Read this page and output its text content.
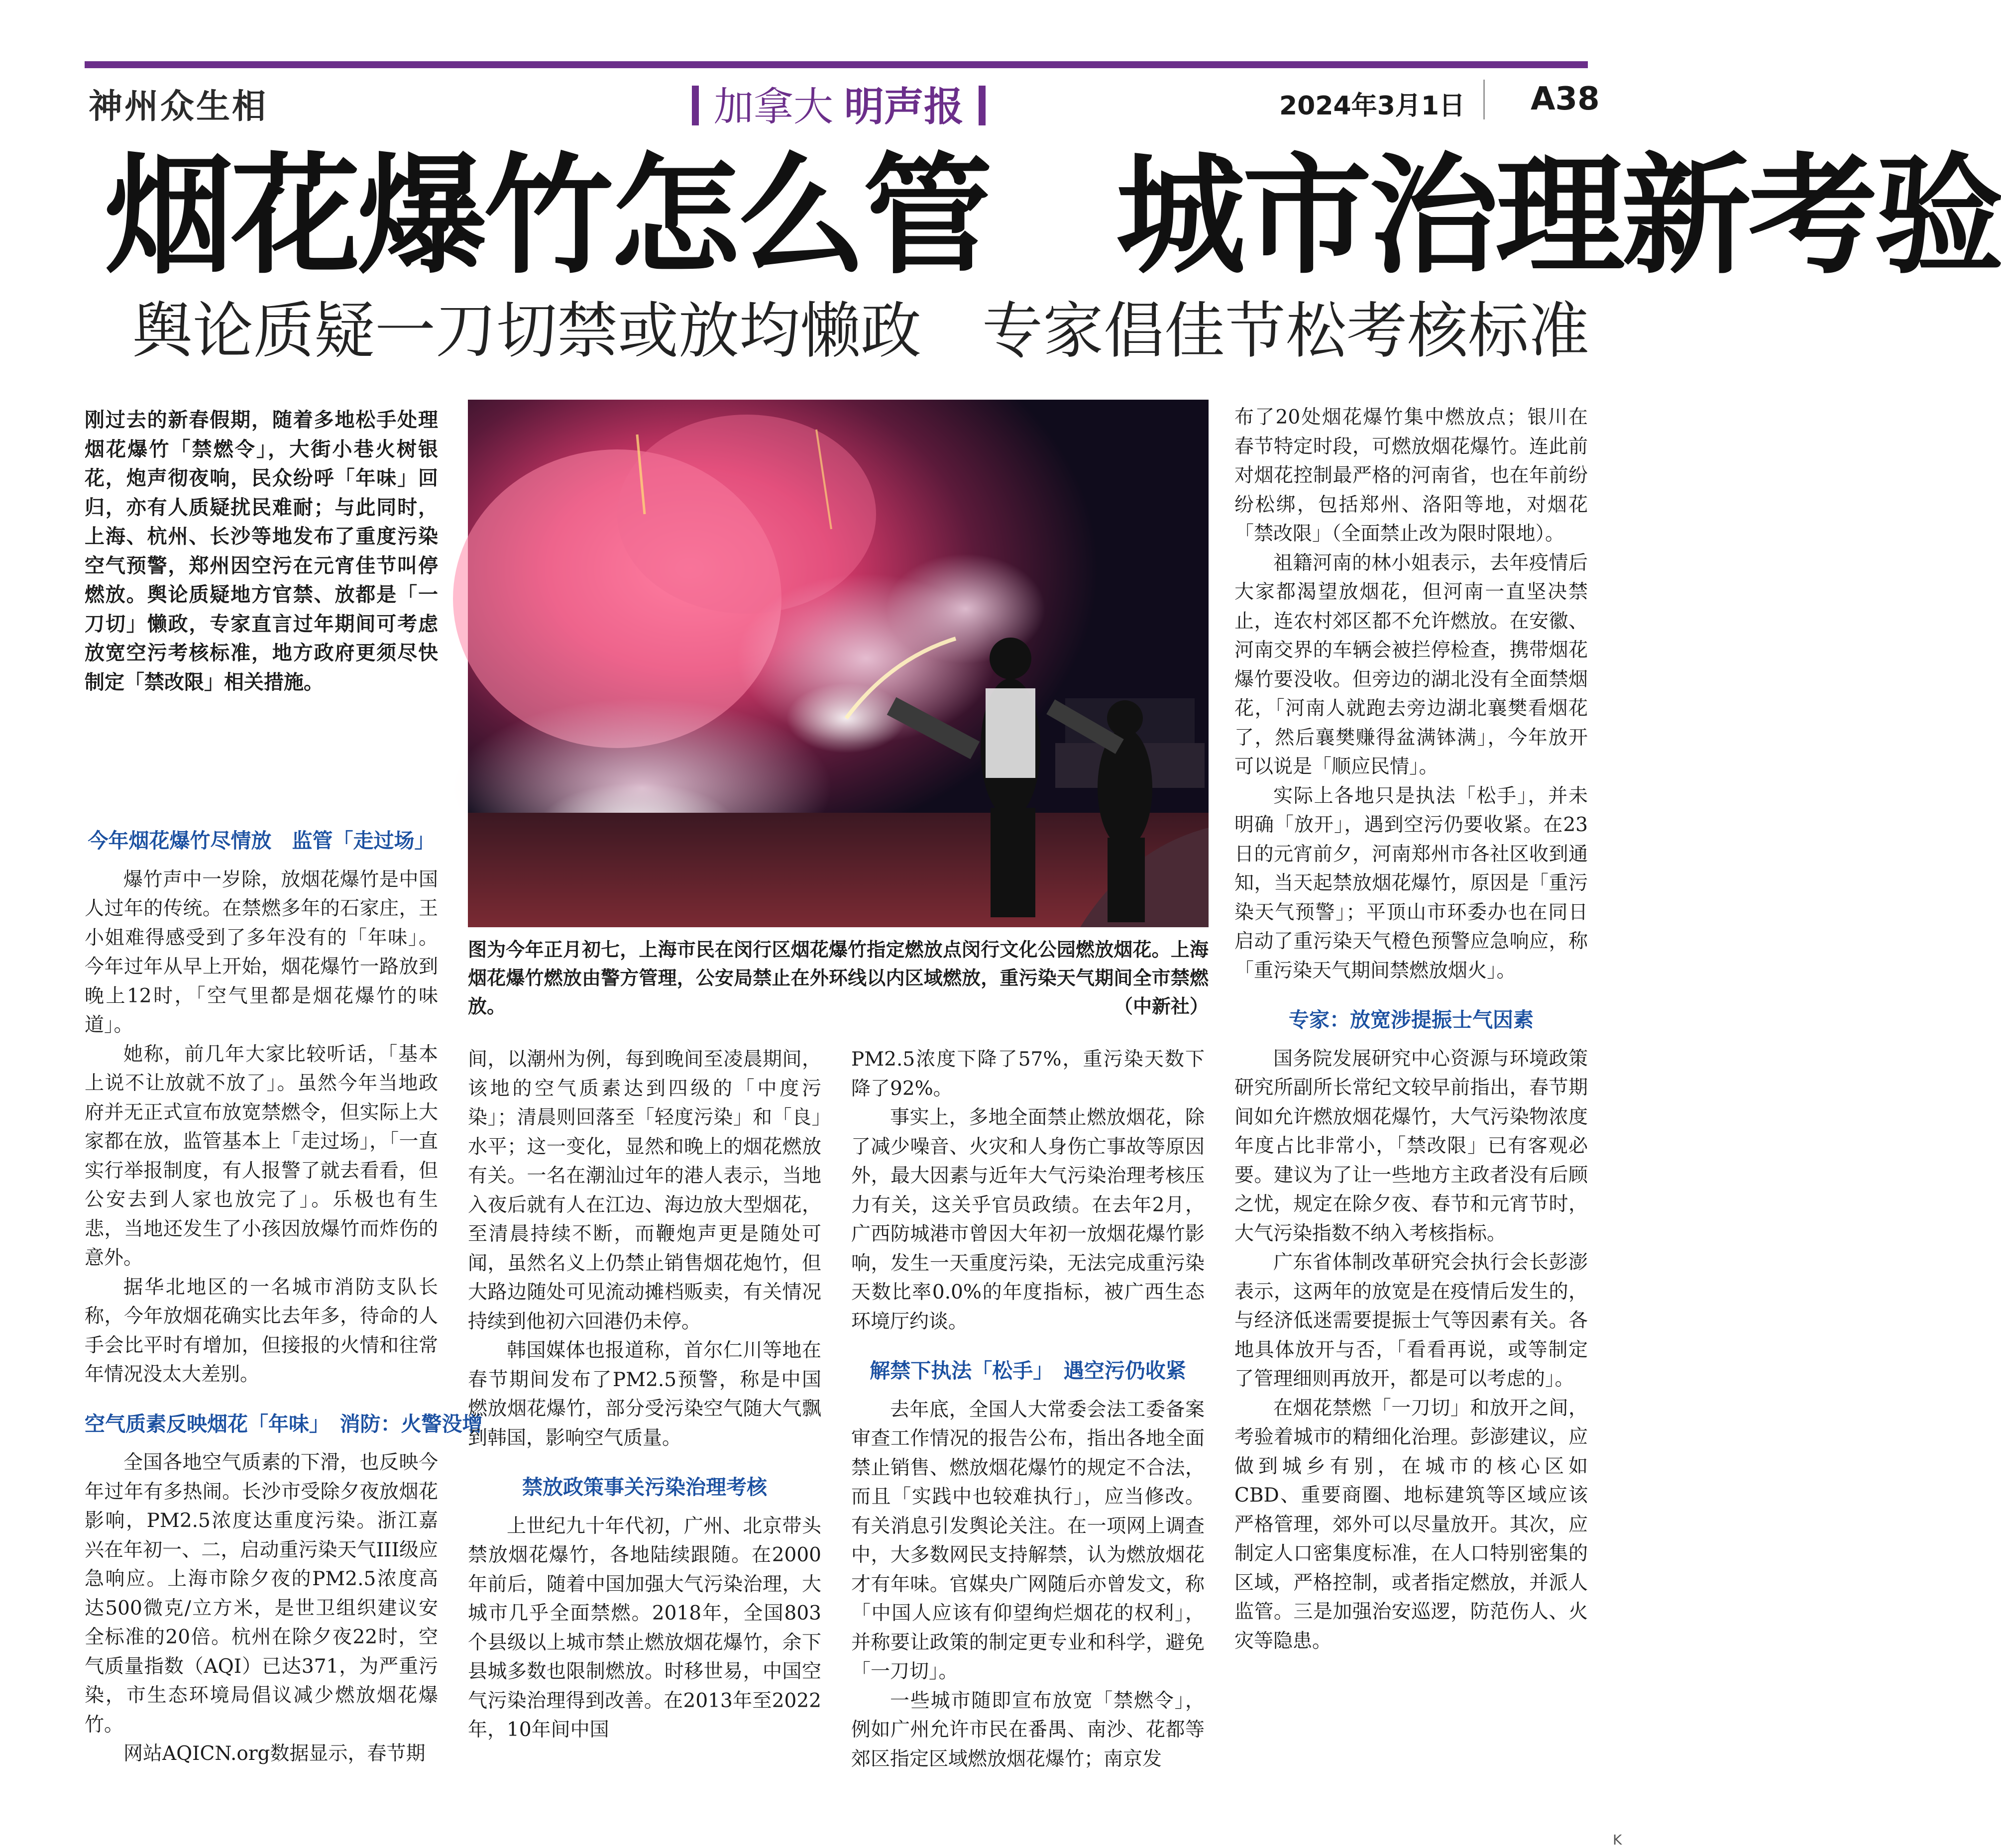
神州众生相	加拿大 明声报	2024年3月1日 A38
烟花爆竹怎么管　城市治理新考验
舆论质疑一刀切禁或放均懒政　专家倡佳节松考核标准

刚过去的新春假期，随着多地松手处理烟花爆竹「禁燃令」，大街小巷火树银花，炮声彻夜响，民众纷呼「年味」回归，亦有人质疑扰民难耐；与此同时，上海、杭州、长沙等地发布了重度污染空气预警，郑州因空污在元宵佳节叫停燃放。舆论质疑地方官禁、放都是「一刀切」懒政，专家直言过年期间可考虑放宽空污考核标准，地方政府更须尽快制定「禁改限」相关措施。

今年烟花爆竹尽情放　监管「走过场」

爆竹声中一岁除，放烟花爆竹是中国人过年的传统。在禁燃多年的石家庄，王小姐难得感受到了多年没有的「年味」。今年过年从早上开始，烟花爆竹一路放到晚上12时，「空气里都是烟花爆竹的味道」。

她称，前几年大家比较听话，「基本上说不让放就不放了」。虽然今年当地政府并无正式宣布放宽禁燃令，但实际上大家都在放，监管基本上「走过场」，「一直实行举报制度，有人报警了就去看看，但公安去到人家也放完了」。乐极也有生悲，当地还发生了小孩因放爆竹而炸伤的意外。

据华北地区的一名城市消防支队长称，今年放烟花确实比去年多，待命的人手会比平时有增加，但接报的火情和往常年情况没太大差别。

空气质素反映烟花「年味」　消防：火警没增

全国各地空气质素的下滑，也反映今年过年有多热闹。长沙市受除夕夜放烟花影响，PM2.5浓度达重度污染。浙江嘉兴在年初一、二，启动重污染天气III级应急响应。上海市除夕夜的PM2.5浓度高达500微克/立方米，是世卫组织建议安全标准的20倍。杭州在除夕夜22时，空气质量指数（AQI）已达371，为严重污染，市生态环境局倡议减少燃放烟花爆竹。

网站AQICN.org数据显示，春节期

图为今年正月初七，上海市民在闵行区烟花爆竹指定燃放点闵行文化公园燃放烟花。上海烟花爆竹燃放由警方管理，公安局禁止在外环线以内区域燃放，重污染天气期间全市禁燃放。	（中新社）

间，以潮州为例，每到晚间至凌晨期间，该地的空气质素达到四级的「中度污染」；清晨则回落至「轻度污染」和「良」水平；这一变化，显然和晚上的烟花燃放有关。一名在潮汕过年的港人表示，当地入夜后就有人在江边、海边放大型烟花，至清晨持续不断，而鞭炮声更是随处可闻，虽然名义上仍禁止销售烟花炮竹，但大路边随处可见流动摊档贩卖，有关情况持续到他初六回港仍未停。

韩国媒体也报道称，首尔仁川等地在春节期间发布了PM2.5预警，称是中国燃放烟花爆竹，部分受污染空气随大气飘到韩国，影响空气质量。

禁放政策事关污染治理考核

上世纪九十年代初，广州、北京带头禁放烟花爆竹，各地陆续跟随。在2000年前后，随着中国加强大气污染治理，大城市几乎全面禁燃。2018年，全国803个县级以上城市禁止燃放烟花爆竹，余下县城多数也限制燃放。时移世易，中国空气污染治理得到改善。在2013年至2022年，10年间中国

PM2.5浓度下降了57%，重污染天数下降了92%。

事实上，多地全面禁止燃放烟花，除了减少噪音、火灾和人身伤亡事故等原因外，最大因素与近年大气污染治理考核压力有关，这关乎官员政绩。在去年2月，广西防城港市曾因大年初一放烟花爆竹影响，发生一天重度污染，无法完成重污染天数比率0.0%的年度指标，被广西生态环境厅约谈。

解禁下执法「松手」　遇空污仍收紧

去年底，全国人大常委会法工委备案审查工作情况的报告公布，指出各地全面禁止销售、燃放烟花爆竹的规定不合法，而且「实践中也较难执行」，应当修改。有关消息引发舆论关注。在一项网上调查中，大多数网民支持解禁，认为燃放烟花才有年味。官媒央广网随后亦曾发文，称「中国人应该有仰望绚烂烟花的权利」，并称要让政策的制定更专业和科学，避免「一刀切」。

一些城市随即宣布放宽「禁燃令」，例如广州允许市民在番禺、南沙、花都等郊区指定区域燃放烟花爆竹；南京发

布了20处烟花爆竹集中燃放点；银川在春节特定时段，可燃放烟花爆竹。连此前对烟花控制最严格的河南省，也在年前纷纷松绑，包括郑州、洛阳等地，对烟花「禁改限」（全面禁止改为限时限地）。

祖籍河南的林小姐表示，去年疫情后大家都渴望放烟花，但河南一直坚决禁止，连农村郊区都不允许燃放。在安徽、河南交界的车辆会被拦停检查，携带烟花爆竹要没收。但旁边的湖北没有全面禁烟花，「河南人就跑去旁边湖北襄樊看烟花了，然后襄樊赚得盆满钵满」，今年放开可以说是「顺应民情」。

实际上各地只是执法「松手」，并未明确「放开」，遇到空污仍要收紧。在23日的元宵前夕，河南郑州市各社区收到通知，当天起禁放烟花爆竹，原因是「重污染天气预警」；平顶山市环委办也在同日启动了重污染天气橙色预警应急响应，称「重污染天气期间禁燃放烟火」。

专家：放宽涉提振士气因素

国务院发展研究中心资源与环境政策研究所副所长常纪文较早前指出，春节期间如允许燃放烟花爆竹，大气污染物浓度年度占比非常小，「禁改限」已有客观必要。建议为了让一些地方主政者没有后顾之忧，规定在除夕夜、春节和元宵节时，大气污染指数不纳入考核指标。

广东省体制改革研究会执行会长彭澎表示，这两年的放宽是在疫情后发生的，与经济低迷需要提振士气等因素有关。各地具体放开与否，「看看再说，或等制定了管理细则再放开，都是可以考虑的」。

在烟花禁燃「一刀切」和放开之间，考验着城市的精细化治理。彭澎建议，应做到城乡有别，在城市的核心区如CBD、重要商圈、地标建筑等区域应该严格管理，郊外可以尽量放开。其次，应制定人口密集度标准，在人口特别密集的区域，严格控制，或者指定燃放，并派人监管。三是加强治安巡逻，防范伤人、火灾等隐患。

K
